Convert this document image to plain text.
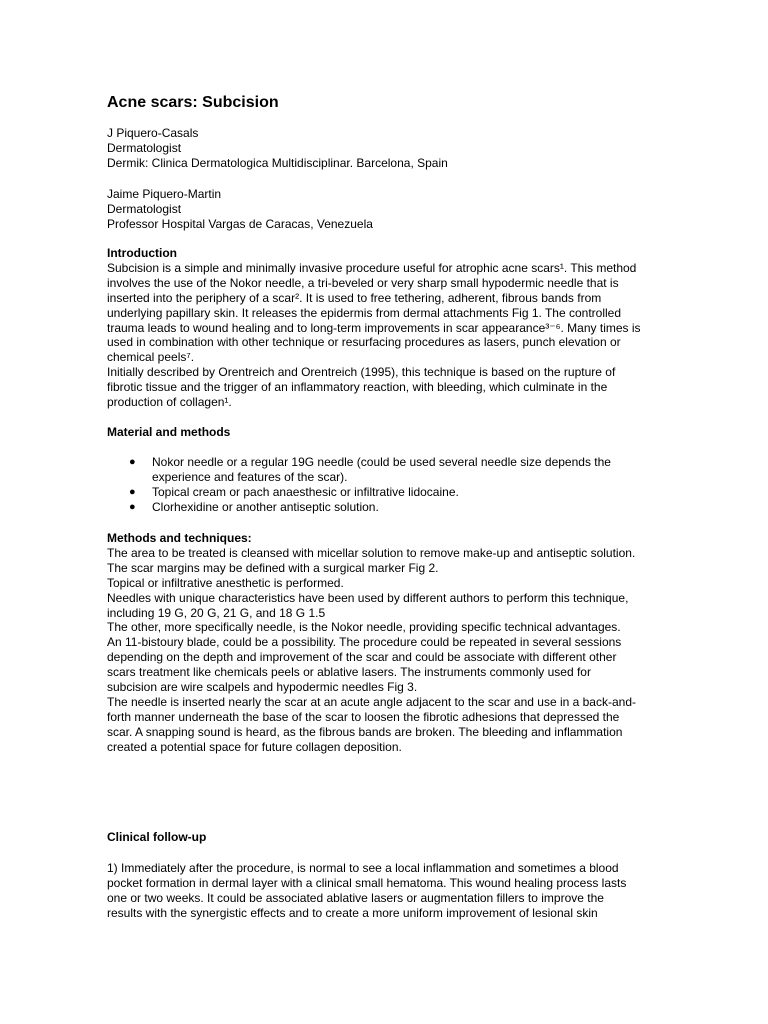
Acne scars: Subcision
J Piquero-Casals
Dermatologist
Dermik: Clinica Dermatologica Multidisciplinar. Barcelona, Spain
Jaime Piquero-Martin
Dermatologist
Professor Hospital Vargas de Caracas, Venezuela
Introduction
Subcision is a simple and minimally invasive procedure useful for atrophic acne scars¹. This method
involves the use of the Nokor needle, a tri-beveled or very sharp small hypodermic needle that is
inserted into the periphery of a scar². It is used to free tethering, adherent, fibrous bands from
underlying papillary skin. It releases the epidermis from dermal attachments Fig 1. The controlled
trauma leads to wound healing and to long-term improvements in scar appearance³⁻⁶. Many times is
used in combination with other technique or resurfacing procedures as lasers, punch elevation or
chemical peels⁷.
Initially described by Orentreich and Orentreich (1995), this technique is based on the rupture of
fibrotic tissue and the trigger of an inflammatory reaction, with bleeding, which culminate in the
production of collagen¹.
Material and methods
● Nokor needle or a regular 19G needle (could be used several needle size depends the
experience and features of the scar).
● Topical cream or pach anaesthesic or infiltrative lidocaine.
● Clorhexidine or another antiseptic solution.
Methods and techniques:
The area to be treated is cleansed with micellar solution to remove make-up and antiseptic solution.
The scar margins may be defined with a surgical marker Fig 2.
Topical or infiltrative anesthetic is performed.
Needles with unique characteristics have been used by different authors to perform this technique,
including 19 G, 20 G, 21 G, and 18 G 1.5
The other, more specifically needle, is the Nokor needle, providing specific technical advantages.
An 11-bistoury blade, could be a possibility. The procedure could be repeated in several sessions
depending on the depth and improvement of the scar and could be associate with different other
scars treatment like chemicals peels or ablative lasers. The instruments commonly used for
subcision are wire scalpels and hypodermic needles Fig 3.
The needle is inserted nearly the scar at an acute angle adjacent to the scar and use in a back-and-
forth manner underneath the base of the scar to loosen the fibrotic adhesions that depressed the
scar. A snapping sound is heard, as the fibrous bands are broken. The bleeding and inflammation
created a potential space for future collagen deposition.
Clinical follow-up
1) Immediately after the procedure, is normal to see a local inflammation and sometimes a blood
pocket formation in dermal layer with a clinical small hematoma. This wound healing process lasts
one or two weeks. It could be associated ablative lasers or augmentation fillers to improve the
results with the synergistic effects and to create a more uniform improvement of lesional skin
